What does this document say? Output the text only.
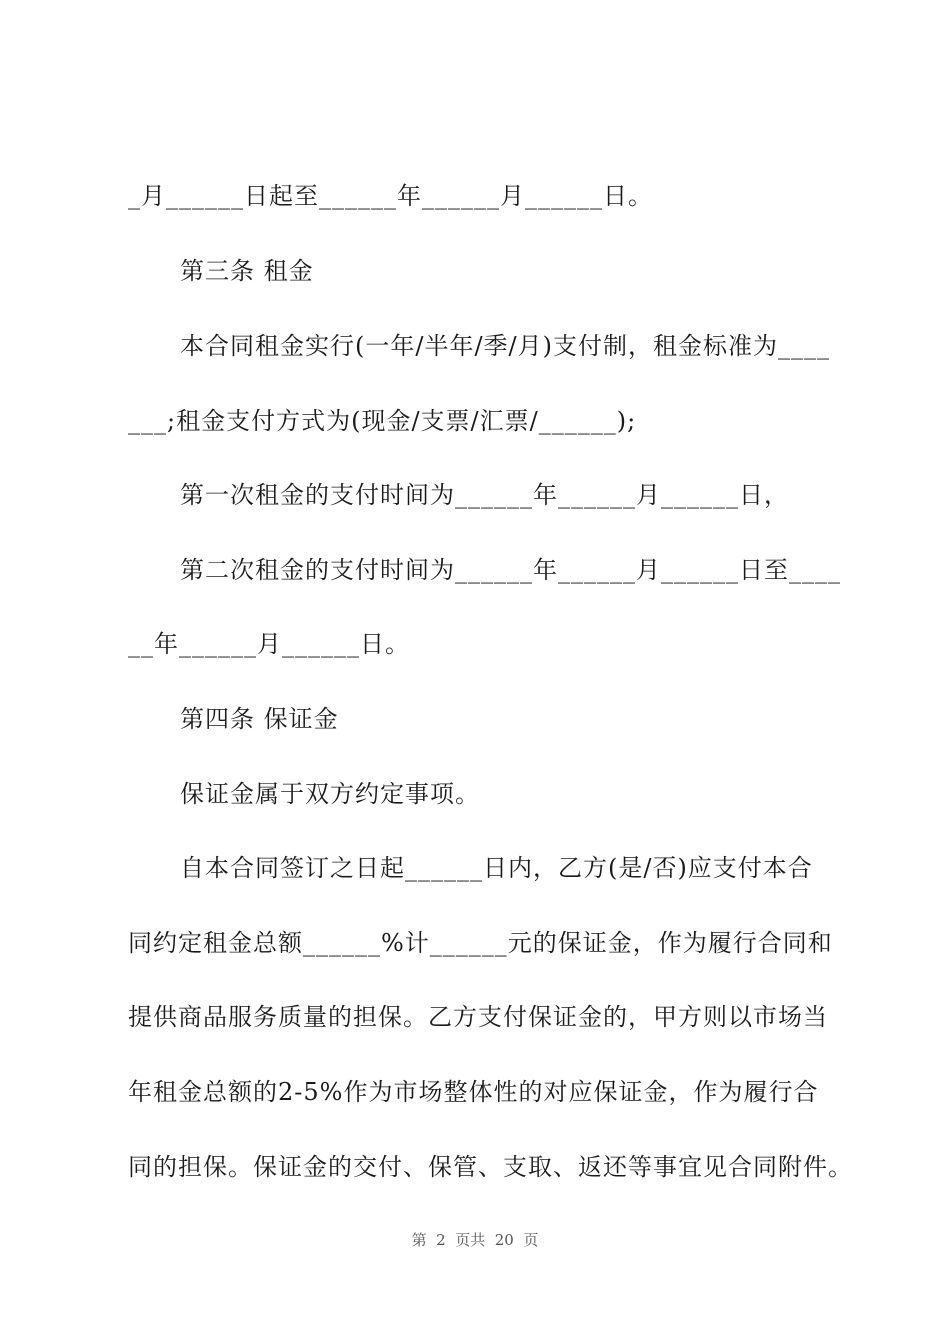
_月______日起至______年______月______日。
第三条 租金
本合同租金实行(一年/半年/季/月)支付制，租金标准为____
___;租金支付方式为(现金/支票/汇票/______);
第一次租金的支付时间为______年______月______日，
第二次租金的支付时间为______年______月______日至____
__年______月______日。
第四条 保证金
保证金属于双方约定事项。
自本合同签订之日起______日内，乙方(是/否)应支付本合
同约定租金总额______%计______元的保证金，作为履行合同和
提供商品服务质量的担保。乙方支付保证金的，甲方则以市场当
年租金总额的2-5%作为市场整体性的对应保证金，作为履行合
同的担保。保证金的交付、保管、支取、返还等事宜见合同附件。
第  2  页共  20  页
